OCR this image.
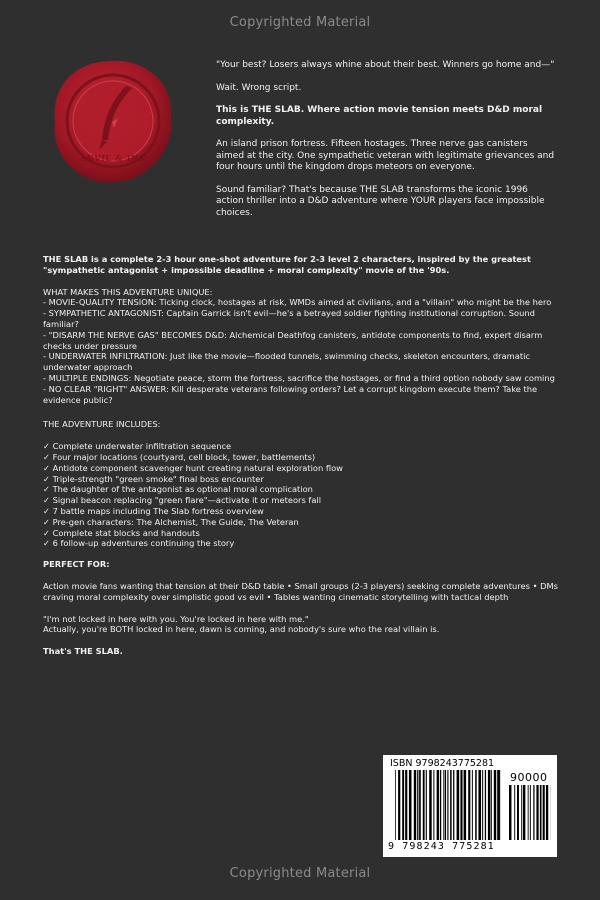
Copyrighted Material
ANVIL & INK

"Your best? Losers always whine about their best. Winners go home and—"

Wait. Wrong script.

This is THE SLAB. Where action movie tension meets D&D moral complexity.

An island prison fortress. Fifteen hostages. Three nerve gas canisters aimed at the city. One sympathetic veteran with legitimate grievances and four hours until the kingdom drops meteors on everyone.

Sound familiar? That's because THE SLAB transforms the iconic 1996 action thriller into a D&D adventure where YOUR players face impossible choices.

THE SLAB is a complete 2-3 hour one-shot adventure for 2-3 level 2 characters, inspired by the greatest "sympathetic antagonist + impossible deadline + moral complexity" movie of the '90s.

WHAT MAKES THIS ADVENTURE UNIQUE:
- MOVIE-QUALITY TENSION: Ticking clock, hostages at risk, WMDs aimed at civilians, and a "villain" who might be the hero
- SYMPATHETIC ANTAGONIST: Captain Garrick isn't evil—he's a betrayed soldier fighting institutional corruption. Sound familiar?
- "DISARM THE NERVE GAS" BECOMES D&D: Alchemical Deathfog canisters, antidote components to find, expert disarm checks under pressure
- UNDERWATER INFILTRATION: Just like the movie—flooded tunnels, swimming checks, skeleton encounters, dramatic underwater approach
- MULTIPLE ENDINGS: Negotiate peace, storm the fortress, sacrifice the hostages, or find a third option nobody saw coming
- NO CLEAR "RIGHT" ANSWER: Kill desperate veterans following orders? Let a corrupt kingdom execute them? Take the evidence public?
THE ADVENTURE INCLUDES:
✓ Complete underwater infiltration sequence
✓ Four major locations (courtyard, cell block, tower, battlements)
✓ Antidote component scavenger hunt creating natural exploration flow
✓ Triple-strength "green smoke" final boss encounter
✓ The daughter of the antagonist as optional moral complication
✓ Signal beacon replacing "green flare"—activate it or meteors fall
✓ 7 battle maps including The Slab fortress overview
✓ Pre-gen characters: The Alchemist, The Guide, The Veteran
✓ Complete stat blocks and handouts
✓ 6 follow-up adventures continuing the story

PERFECT FOR:

Action movie fans wanting that tension at their D&D table • Small groups (2-3 players) seeking complete adventures • DMs craving moral complexity over simplistic good vs evil • Tables wanting cinematic storytelling with tactical depth

"I'm not locked in here with you. You're locked in here with me."
Actually, you're BOTH locked in here, dawn is coming, and nobody's sure who the real villain is.

That's THE SLAB.

ISBN 9798243775281
90000
9 798243 775281
Copyrighted Material
